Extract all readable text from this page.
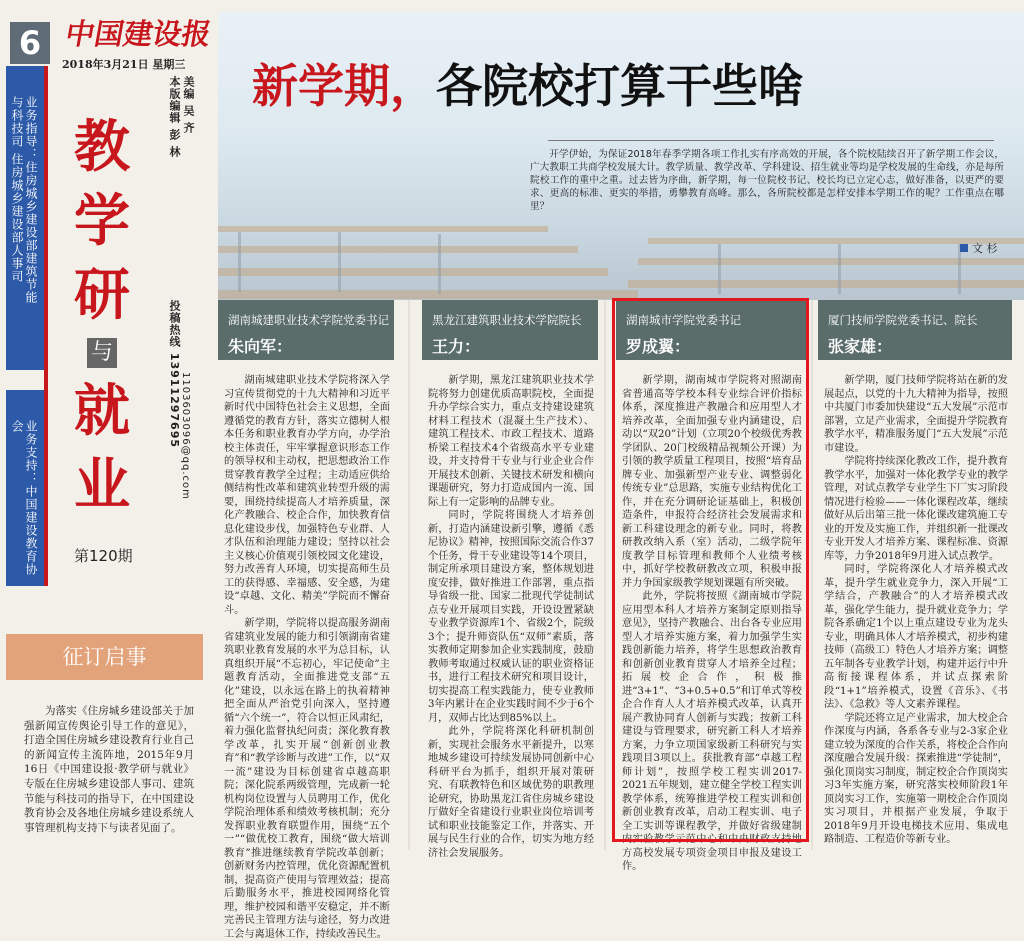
6 中国建设报
2018年3月21日 星期三
业务指导：住房城乡建设部建筑节能与科技司 住房城乡建设部人事司
业务支持：中国建设教育协会
教
学
研
与
就
业
第120期
本版编辑 彭 林 美编 吴 齐
投稿热线 13911297695 1103603096@qq.com
征订启事
为落实《住房城乡建设部关于加强新闻宣传舆论引导工作的意见》，打造全国住房城乡建设教育行业自己的新闻宣传主流阵地，2015年9月16日《中国建设报·教学研与就业》专版在住房城乡建设部人事司、建筑节能与科技司的指导下，在中国建设教育协会及各地住房城乡建设系统人事管理机构支持下与读者见面了。
新学期，各院校打算干些啥
开学伊始，为保证2018年春季学期各项工作扎实有序高效的开展，各个院校陆续召开了新学期工作会议，广大教职工共商学校发展大计。教学质量、教学改革、学科建设、招生就业等均是学校发展的生命线，亦是每所院校工作的重中之重。过去皆为序曲，新学期，每一位院校书记、校长均已立定心志，做好准备，以更严的要求、更高的标准、更实的举措，勇攀教育高峰。那么，各所院校都是怎样安排本学期工作的呢？工作重点在哪里？
文 杉
湖南城建职业技术学院党委书记
朱向军：

湖南城建职业技术学院将深入学习宣传贯彻党的十九大精神和习近平新时代中国特色社会主义思想，全面遵循党的教育方针，落实立德树人根本任务和职业教育办学方向，办学治校主体责任，牢牢掌握意识形态工作的领导权和主动权，把思想政治工作贯穿教育教学全过程；主动适应供给侧结构性改革和建筑业转型升级的需要，围绕持续提高人才培养质量，深化产教融合、校企合作，加快教育信息化建设步伐，加强特色专业群、人才队伍和治理能力建设；坚持以社会主义核心价值观引领校园文化建设，努力改善育人环境，切实提高师生员工的获得感、幸福感、安全感，为建设“卓越、文化、精美”学院而不懈奋斗。

新学期，学院将以提高服务湖南省建筑业发展的能力和引领湖南省建筑职业教育发展的水平为总目标，认真组织开展“不忘初心，牢记使命”主题教育活动，全面推进党支部“五化”建设，以永远在路上的执着精神把全面从严治党引向深入，坚持遵循“六个统一”，符合以恒正风肃纪，着力强化监督执纪问责；深化教育教学改革，扎实开展“创新创业教育”和“教学诊断与改进”工作，以“双一流”建设为目标创建省卓越高职院；深化院系两级管理，完成新一轮机构岗位设置与人员聘用工作，优化学院治理体系和绩效考核机制；充分发挥职业教育联盟作用，围绕“五个一”“做优校工教育，围绕“做大培训教育”推进继续教育学院改革创新；创新财务内控管理，优化资源配置机制，提高资产使用与管理效益；提高后勤服务水平，推进校园网络化管理，维护校园和谐平安稳定，并不断完善民主管理方法与途径，努力改进工会与离退休工作，持续改善民生。

黑龙江建筑职业技术学院院长
王力：

新学期，黑龙江建筑职业技术学院将努力创建优质高职院校，全面提升办学综合实力，重点支持建设建筑材料工程技术（混凝土生产技术）、建筑工程技术、市政工程技术、道路桥梁工程技术4个省级高水平专业建设，并支持骨干专业与行业企业合作开展技术创新、关键技术研发和横向课题研究，努力打造成国内一流、国际上有一定影响的品牌专业。

同时，学院将围绕人才培养创新，打造内涵建设新引擎，遵循《悉尼协议》精神，按照国际交流合作37个任务，骨干专业建设等14个项目，制定所承项目建设方案，整体规划进度安排，做好推进工作部署，重点指导省级一批、国家二批现代学徒制试点专业开展项目实践，开设设置紧缺专业教学资源库1个、省级2个，院级3个；提升师资队伍“双师”素质，落实教师定期参加企业实践制度，鼓励教师考取通过权威认证的职业资格证书，进行工程技术研究和项目设计，切实提高工程实践能力，使专业教师3年内累计在企业实践时间不少于6个月，双师占比达到85%以上。

此外，学院将深化科研机制创新，实现社会服务水平新提升，以寒地城乡建设可持续发展协同创新中心科研平台为抓手，组织开展对策研究、有联教特色和区域优势的职教理论研究，协助黑龙江省住房城乡建设厅做好全省建设行业职业岗位培训考试和职业技能鉴定工作，并落实、开展与民生行业的合作，切实为地方经济社会发展服务。

湖南城市学院党委书记
罗成翼：

新学期，湖南城市学院将对照湖南省普通高等学校本科专业综合评价指标体系，深度推进产教融合和应用型人才培养改革，全面加强专业内涵建设，启动以“双20”计划（立项20个校级优秀教学团队、20门校级精品视频公开课）为引领的教学质量工程项目，按照“培育品牌专业、加强新型产业专业、调整弱化传统专业”总思路，实施专业结构优化工作，并在充分调研论证基础上，积极创造条件，申报符合经济社会发展需求和新工科建设理念的新专业。同时，将教研教改纳入系（室）活动，二级学院年度教学目标管理和教师个人业绩考核中，抓好学校教研教改立项，积极申报并力争国家级教学规划课题有所突破。

此外，学院将按照《湖南城市学院应用型本科人才培养方案制定原则指导意见》，坚持产教融合、出台各专业应用型人才培养实施方案，着力加强学生实践创新能力培养，将学生思想政治教育和创新创业教育贯穿人才培养全过程；拓展校企合作，积极推进“3+1”、“3+0.5+0.5”和订单式等校企合作育人人才培养模式改革，认真开展产教协同育人创新与实践；按新工科建设与管理要求，研究新工科人才培养方案，力争立项国家级新工科研究与实践项目3项以上。获批教育部“卓越工程师计划”，按照学校工程实训2017-2021五年规划，建立健全学校工程实训教学体系，统筹推进学校工程实训和创新创业教育改革，启动工程实训、电子全工实训等课程教学，并做好省级建制内实验教学示范中心和中央财政支持地方高校发展专项资金项目申报及建设工作。

厦门技师学院党委书记、院长
张家雄：

新学期，厦门技师学院将站在新的发展起点，以党的十九大精神为指导，按照中共厦门市委加快建设“五大发展”示范市部署，立足产业需求，全面提升学院教育教学水平，精准服务厦门“五大发展”示范市建设。

学院将持续深化教改工作，提升教育教学水平，加强对一体化教学专业的教学管理，对试点教学专业学生下厂实习阶段情况进行检验——一体化课程改革，继续做好从后出第三批一体化课改建筑施工专业的开发及实施工作，并组织新一批课改专业开发人才培养方案、课程标准、资源库等，力争2018年9月进入试点教学。

同时，学院将深化人才培养模式改革，提升学生就业竞争力，深入开展“工学结合，产教融合”的人才培养模式改革，强化学生能力，提升就业竞争力；学院各系确定1个以上重点建设专业为龙头专业，明确具体人才培养模式，初步构建技师（高级工）特色人才培养方案；调整五年制各专业教学计划，构建并运行中升高衔接课程体系，并试点探索阶段“1+1”培养模式，设置《音乐》、《书法》、《急救》等人文素养课程。

学院还将立足产业需求，加大校企合作深度与内涵，各系各专业与2-3家企业建立较为深度的合作关系，将校企合作向深度融合发展升级：探索推进“学徒制”，强化顶岗实习制度，制定校企合作顶岗实习3年实施方案，研究落实校师阶段1年顶岗实习工作，实施第一期校企合作顶岗实习项目，并根据产业发展，争取于2018年9月开设电梯技术应用、集成电路制造、工程造价等新专业。
